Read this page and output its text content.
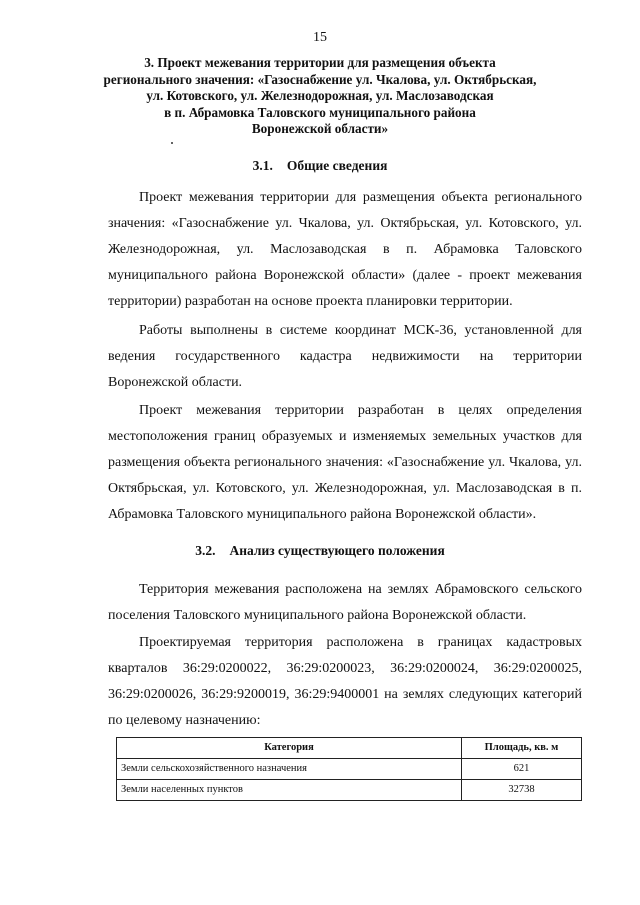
15
3. Проект межевания территории для размещения объекта
регионального значения: «Газоснабжение ул. Чкалова, ул. Октябрьская,
ул. Котовского, ул. Железнодорожная, ул. Маслозаводская
в п. Абрамовка Таловского муниципального района
Воронежской области»
3.1. Общие сведения

Проект межевания территории для размещения объекта регионального значения: «Газоснабжение ул. Чкалова, ул. Октябрьская, ул. Котовского, ул. Железнодорожная, ул. Маслозаводская в п. Абрамовка Таловского муниципального района Воронежской области» (далее - проект межевания территории) разработан на основе проекта планировки территории.

Работы выполнены в системе координат МСК-36, установленной для ведения государственного кадастра недвижимости на территории Воронежской области.

Проект межевания территории разработан в целях определения местоположения границ образуемых и изменяемых земельных участков для размещения объекта регионального значения: «Газоснабжение ул. Чкалова, ул. Октябрьская, ул. Котовского, ул. Железнодорожная, ул. Маслозаводская в п. Абрамовка Таловского муниципального района Воронежской области».

3.2. Анализ существующего положения

Территория межевания расположена на землях Абрамовского сельского поселения Таловского муниципального района Воронежской области.

Проектируемая территория расположена в границах кадастровых
кварталов 36:29:0200022, 36:29:0200023, 36:29:0200024, 36:29:0200025,
36:29:0200026, 36:29:9200019, 36:29:9400001 на землях следующих категорий
по целевому назначению:
Категория	Площадь, кв. м
Земли сельскохозяйственного назначения	621
Земли населенных пунктов	32738
